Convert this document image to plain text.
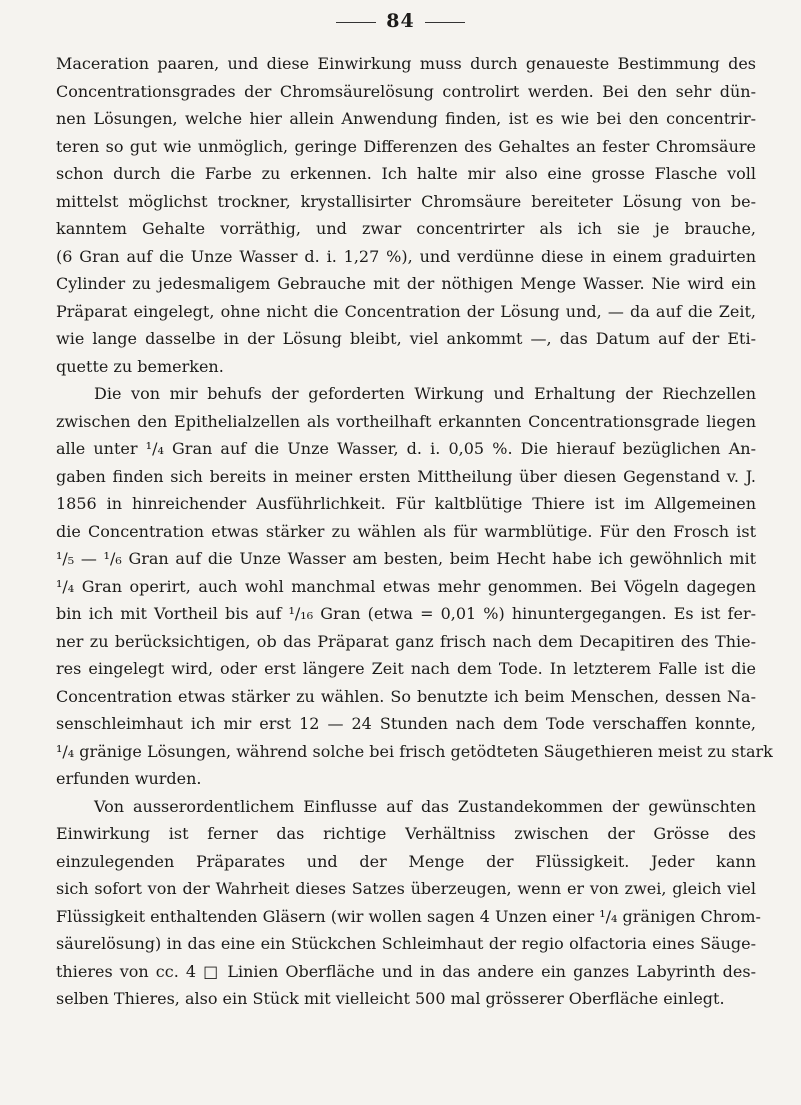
84
Maceration paaren, und diese Einwirkung muss durch genaueste Bestimmung des
Concentrationsgrades der Chromsäurelösung controlirt werden. Bei den sehr dün-
nen Lösungen, welche hier allein Anwendung finden, ist es wie bei den concentrir-
teren so gut wie unmöglich, geringe Differenzen des Gehaltes an fester Chromsäure
schon durch die Farbe zu erkennen. Ich halte mir also eine grosse Flasche voll
mittelst möglichst trockner, krystallisirter Chromsäure bereiteter Lösung von be-
kanntem Gehalte vorräthig, und zwar concentrirter als ich sie je brauche,
(6 Gran auf die Unze Wasser d. i. 1,27 %), und verdünne diese in einem graduirten
Cylinder zu jedesmaligem Gebrauche mit der nöthigen Menge Wasser. Nie wird ein
Präparat eingelegt, ohne nicht die Concentration der Lösung und, — da auf die Zeit,
wie lange dasselbe in der Lösung bleibt, viel ankommt —, das Datum auf der Eti-
quette zu bemerken.
Die von mir behufs der geforderten Wirkung und Erhaltung der Riechzellen
zwischen den Epithelialzellen als vortheilhaft erkannten Concentrationsgrade liegen
alle unter ¹/₄ Gran auf die Unze Wasser, d. i. 0,05 %. Die hierauf bezüglichen An-
gaben finden sich bereits in meiner ersten Mittheilung über diesen Gegenstand v. J.
1856 in hinreichender Ausführlichkeit. Für kaltblütige Thiere ist im Allgemeinen
die Concentration etwas stärker zu wählen als für warmblütige. Für den Frosch ist
¹/₅ — ¹/₆ Gran auf die Unze Wasser am besten, beim Hecht habe ich gewöhnlich mit
¹/₄ Gran operirt, auch wohl manchmal etwas mehr genommen. Bei Vögeln dagegen
bin ich mit Vortheil bis auf ¹/₁₆ Gran (etwa = 0,01 %) hinuntergegangen. Es ist fer-
ner zu berücksichtigen, ob das Präparat ganz frisch nach dem Decapitiren des Thie-
res eingelegt wird, oder erst längere Zeit nach dem Tode. In letzterem Falle ist die
Concentration etwas stärker zu wählen. So benutzte ich beim Menschen, dessen Na-
senschleimhaut ich mir erst 12 — 24 Stunden nach dem Tode verschaffen konnte,
¹/₄ gränige Lösungen, während solche bei frisch getödteten Säugethieren meist zu stark
erfunden wurden.
Von ausserordentlichem Einflusse auf das Zustandekommen der gewünschten
Einwirkung ist ferner das richtige Verhältniss zwischen der Grösse des
einzulegenden Präparates und der Menge der Flüssigkeit. Jeder kann
sich sofort von der Wahrheit dieses Satzes überzeugen, wenn er von zwei, gleich viel
Flüssigkeit enthaltenden Gläsern (wir wollen sagen 4 Unzen einer ¹/₄ gränigen Chrom-
säurelösung) in das eine ein Stückchen Schleimhaut der regio olfactoria eines Säuge-
thieres von cc. 4 □ Linien Oberfläche und in das andere ein ganzes Labyrinth des-
selben Thieres, also ein Stück mit vielleicht 500 mal grösserer Oberfläche einlegt.
